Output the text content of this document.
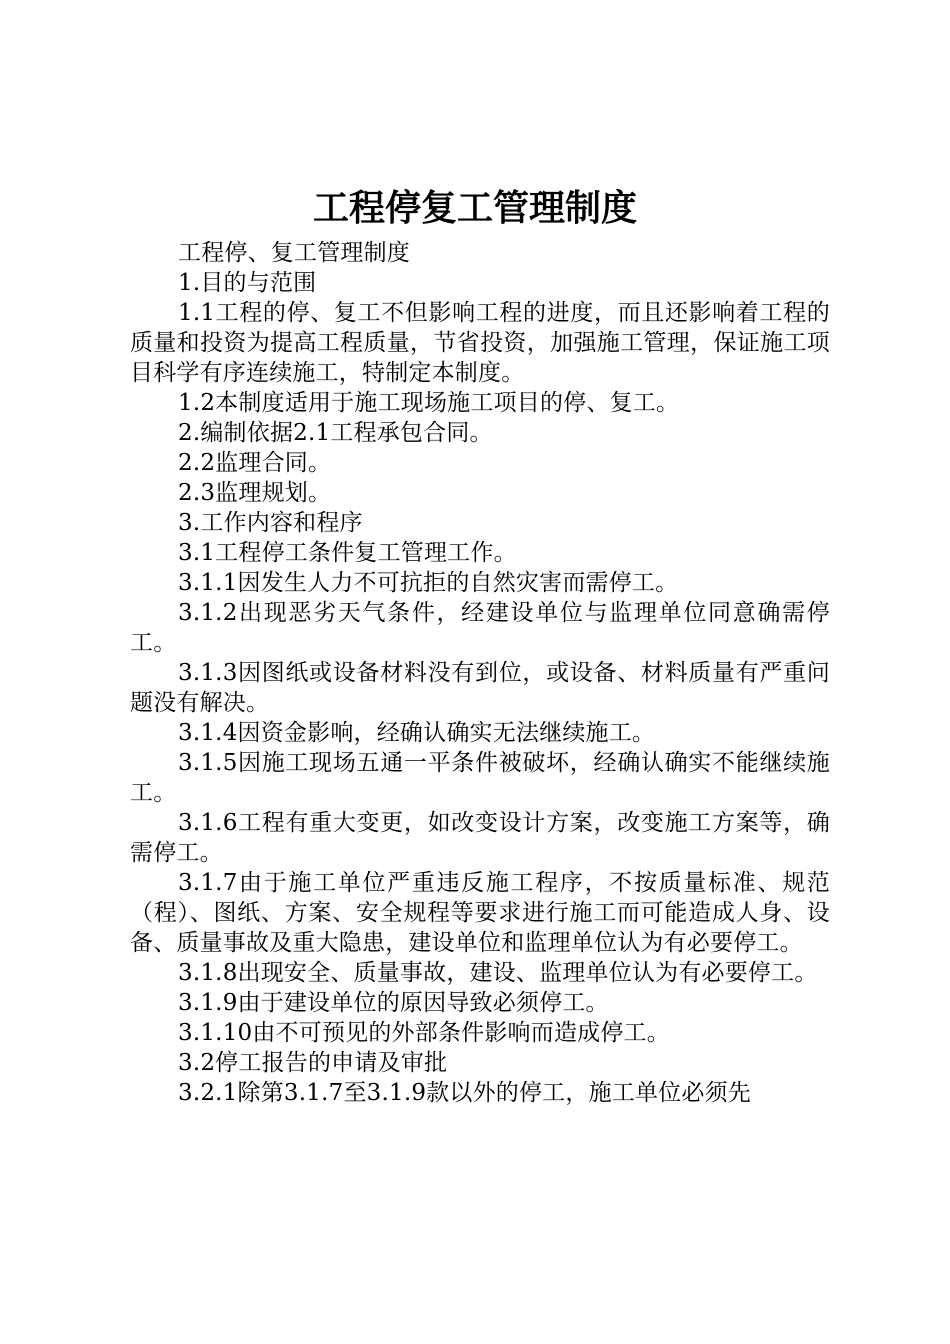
工程停复工管理制度

工程停、复工管理制度

1.目的与范围

1.1工程的停、复工不但影响工程的进度，而且还影响着工程的质量和投资为提高工程质量，节省投资，加强施工管理，保证施工项目科学有序连续施工，特制定本制度。

1.2本制度适用于施工现场施工项目的停、复工。

2.编制依据2.1工程承包合同。

2.2监理合同。

2.3监理规划。

3.工作内容和程序

3.1工程停工条件复工管理工作。

3.1.1因发生人力不可抗拒的自然灾害而需停工。

3.1.2出现恶劣天气条件，经建设单位与监理单位同意确需停工。

3.1.3因图纸或设备材料没有到位，或设备、材料质量有严重问题没有解决。

3.1.4因资金影响，经确认确实无法继续施工。

3.1.5因施工现场五通一平条件被破坏，经确认确实不能继续施工。

3.1.6工程有重大变更，如改变设计方案，改变施工方案等，确需停工。

3.1.7由于施工单位严重违反施工程序，不按质量标准、规范（程）、图纸、方案、安全规程等要求进行施工而可能造成人身、设备、质量事故及重大隐患，建设单位和监理单位认为有必要停工。

3.1.8出现安全、质量事故，建设、监理单位认为有必要停工。

3.1.9由于建设单位的原因导致必须停工。

3.1.10由不可预见的外部条件影响而造成停工。

3.2停工报告的申请及审批

3.2.1除第3.1.7至3.1.9款以外的停工，施工单位必须先
